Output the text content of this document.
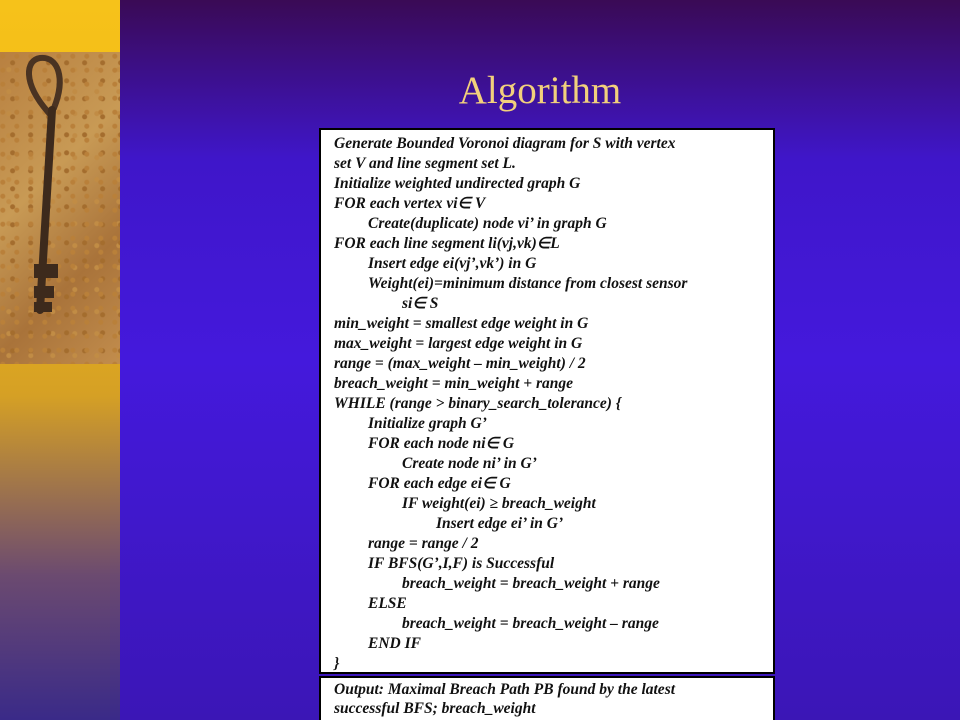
Algorithm
Generate Bounded Voronoi diagram for S with vertex
set V and line segment set L.
Initialize weighted undirected graph G
FOR each vertex vi∈ V
Create(duplicate) node vi’ in graph G
FOR each line segment li(vj,vk)∈L
Insert edge ei(vj’,vk’) in G
Weight(ei)=minimum distance from closest sensor
si∈ S
min_weight = smallest edge weight in G
max_weight = largest edge weight in G
range = (max_weight – min_weight) / 2
breach_weight = min_weight + range
WHILE (range > binary_search_tolerance) {
Initialize graph G’
FOR each node ni∈ G
Create node ni’ in G’
FOR each edge ei∈ G
IF weight(ei) ≥ breach_weight
Insert edge ei’ in G’
range = range / 2
IF BFS(G’,I,F) is Successful
breach_weight = breach_weight + range
ELSE
breach_weight = breach_weight – range
END IF
}
Output: Maximal Breach Path PB found by the latest
successful BFS; breach_weight
